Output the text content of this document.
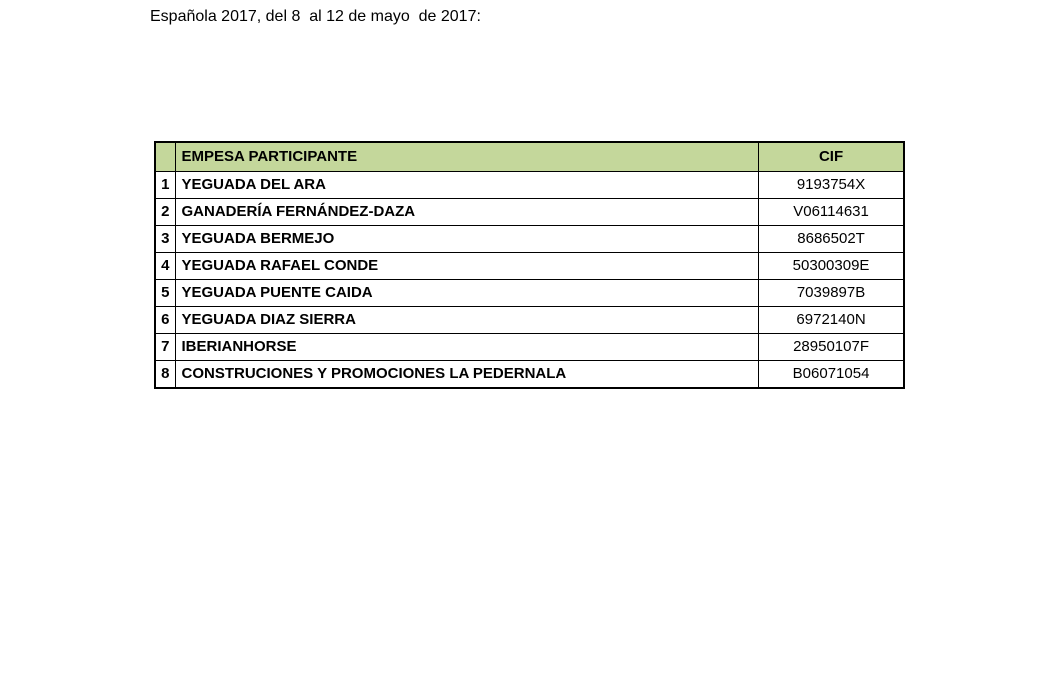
Española 2017, del 8  al 12 de mayo  de 2017:
	EMPESA PARTICIPANTE	CIF
1	YEGUADA DEL ARA	9193754X
2	GANADERÍA FERNÁNDEZ-DAZA	V06114631
3	YEGUADA BERMEJO	8686502T
4	YEGUADA RAFAEL CONDE	50300309E
5	YEGUADA PUENTE CAIDA	7039897B
6	YEGUADA DIAZ SIERRA	6972140N
7	IBERIANHORSE	28950107F
8	CONSTRUCIONES Y PROMOCIONES LA PEDERNALA	B06071054
